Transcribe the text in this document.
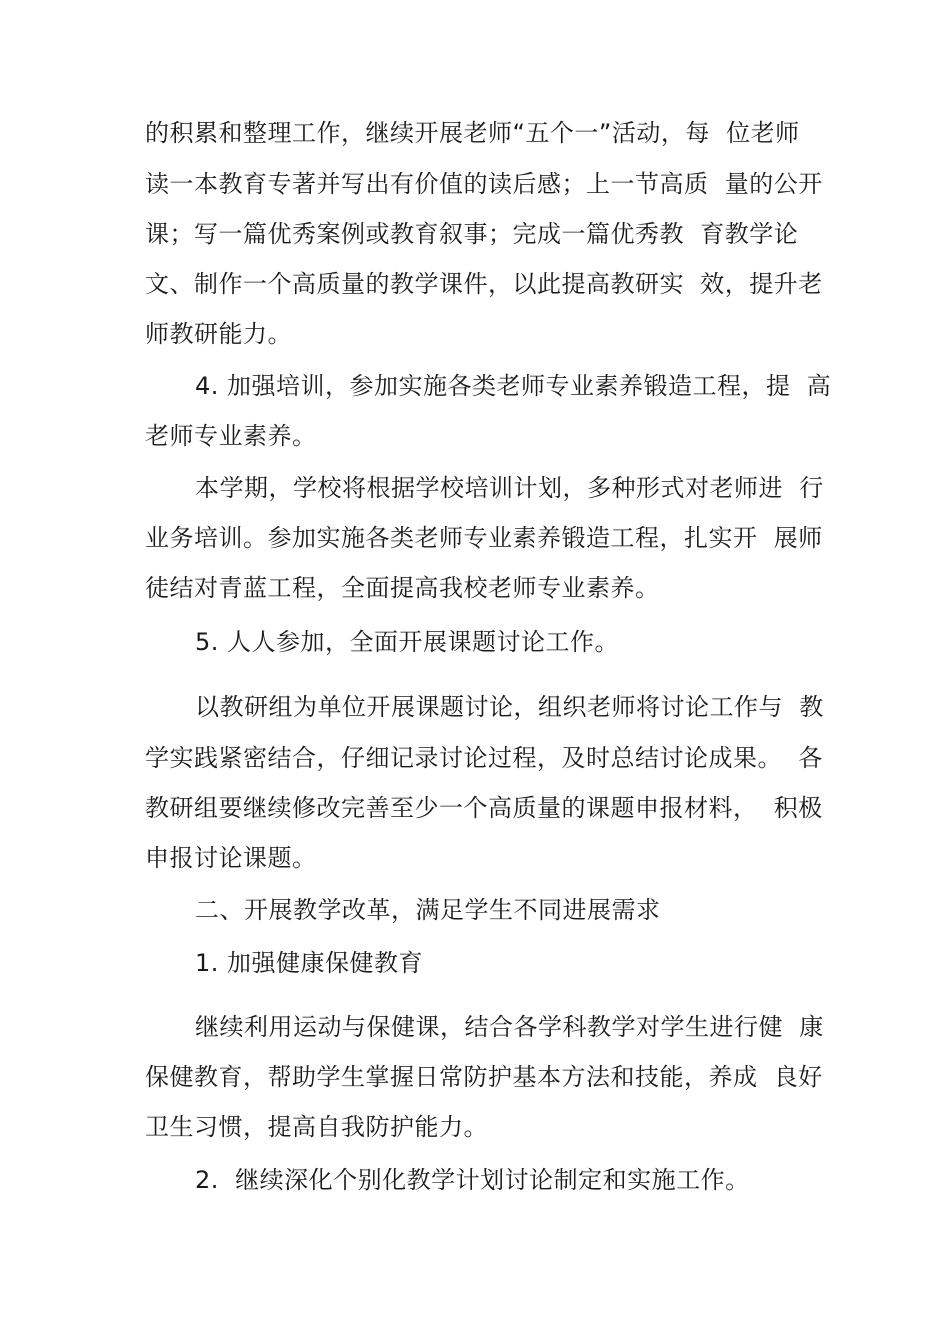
的积累和整理工作，继续开展老师“五个一”活动，每  位老师
读一本教育专著并写出有价值的读后感；上一节高质  量的公开
课；写一篇优秀案例或教育叙事；完成一篇优秀教  育教学论
文、制作一个高质量的教学课件，以此提高教研实  效，提升老
师教研能力。
4. 加强培训，参加实施各类老师专业素养锻造工程，提  高
老师专业素养。
本学期，学校将根据学校培训计划，多种形式对老师进  行
业务培训。参加实施各类老师专业素养锻造工程，扎实开  展师
徒结对青蓝工程，全面提高我校老师专业素养。
5. 人人参加，全面开展课题讨论工作。
以教研组为单位开展课题讨论，组织老师将讨论工作与  教
学实践紧密结合，仔细记录讨论过程，及时总结讨论成果。  各
教研组要继续修改完善至少一个高质量的课题申报材料，  积极
申报讨论课题。
二、开展教学改革，满足学生不同进展需求
1. 加强健康保健教育
继续利用运动与保健课，结合各学科教学对学生进行健  康
保健教育，帮助学生掌握日常防护基本方法和技能，养成  良好
卫生习惯，提高自我防护能力。
2.  继续深化个别化教学计划讨论制定和实施工作。
